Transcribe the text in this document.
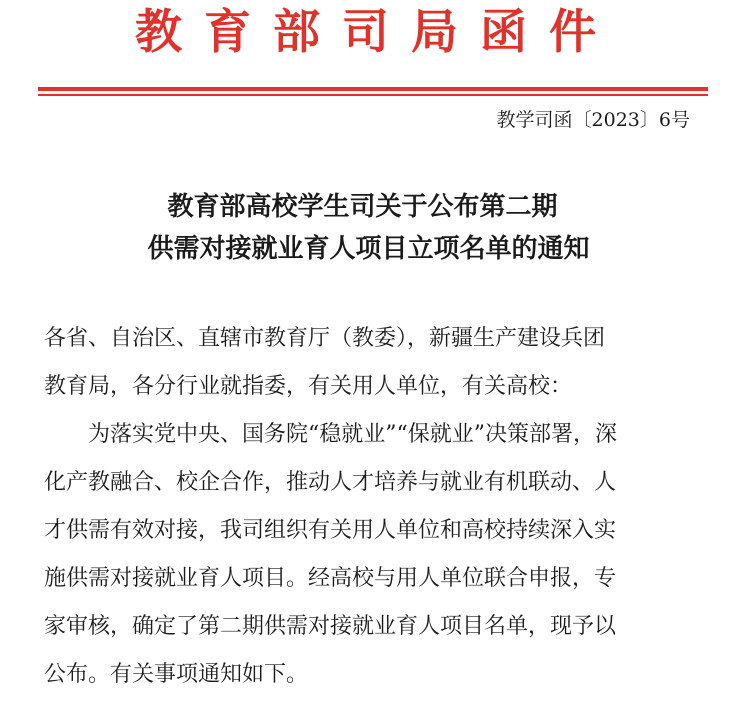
教育部司局函件
教学司函〔2023〕6号
教育部高校学生司关于公布第二期
供需对接就业育人项目立项名单的通知
各省、自治区、直辖市教育厅（教委），新疆生产建设兵团
教育局，各分行业就指委，有关用人单位，有关高校：
为落实党中央、国务院“稳就业”“保就业”决策部署，深
化产教融合、校企合作，推动人才培养与就业有机联动、人
才供需有效对接，我司组织有关用人单位和高校持续深入实
施供需对接就业育人项目。经高校与用人单位联合申报，专
家审核，确定了第二期供需对接就业育人项目名单，现予以
公布。有关事项通知如下。
